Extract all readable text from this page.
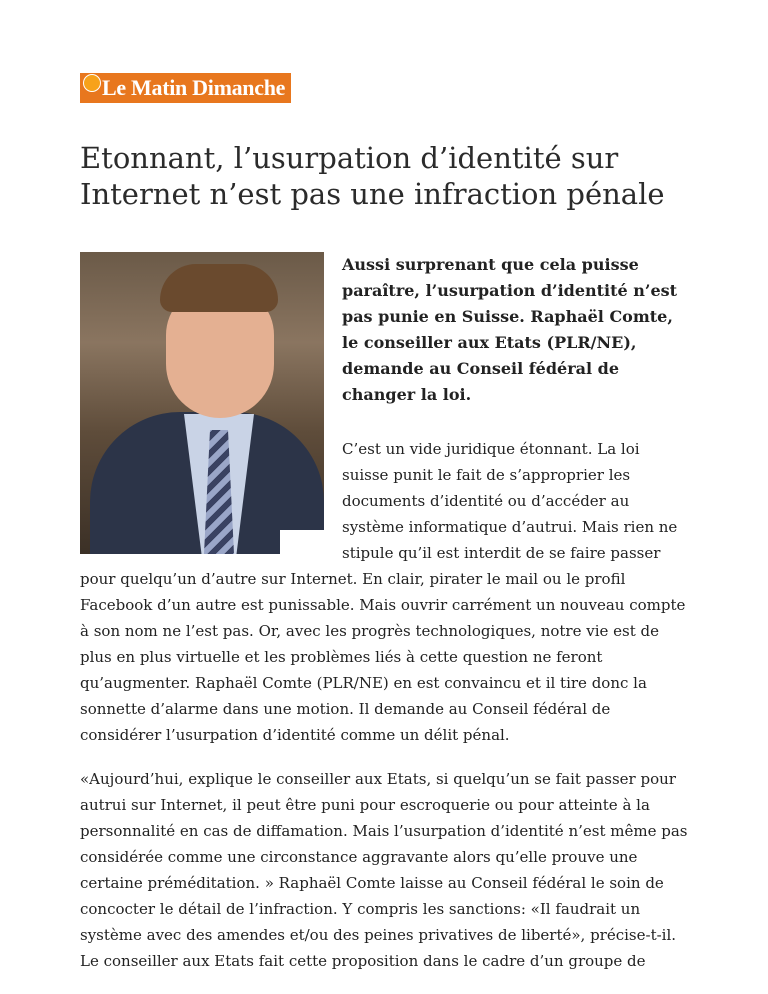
Le Matin Dimanche
Etonnant, l’usurpation d’identité sur Internet n’est pas une infraction pénale

Aussi surprenant que cela puisse paraître, l’usurpation d’identité n’est pas punie en Suisse. Raphaël Comte, le conseiller aux Etats (PLR/NE), demande au Conseil fédéral de changer la loi.

C’est un vide juridique étonnant. La loi suisse punit le fait de s’approprier les documents d’identité ou d’accéder au système informatique d’autrui. Mais rien ne stipule qu’il est interdit de se faire passer pour quelqu’un d’autre sur Internet. En clair, pirater le mail ou le profil Facebook d’un autre est punissable. Mais ouvrir carrément un nouveau compte à son nom ne l’est pas. Or, avec les progrès technologiques, notre vie est de plus en plus virtuelle et les problèmes liés à cette question ne feront qu’augmenter. Raphaël Comte (PLR/NE) en est convaincu et il tire donc la sonnette d’alarme dans une motion. Il demande au Conseil fédéral de considérer l’usurpation d’identité comme un délit pénal.

«Aujourd’hui, explique le conseiller aux Etats, si quelqu’un se fait passer pour autrui sur Internet, il peut être puni pour escroquerie ou pour atteinte à la personnalité en cas de diffamation. Mais l’usurpation d’identité n’est même pas considérée comme une circonstance aggravante alors qu’elle prouve une certaine préméditation. » Raphaël Comte laisse au Conseil fédéral le soin de concocter le détail de l’infraction. Y compris les sanctions: «Il faudrait un système avec des amendes et/ou des peines privatives de liberté», précise-t-il. Le conseiller aux Etats fait cette proposition dans le cadre d’un groupe de
